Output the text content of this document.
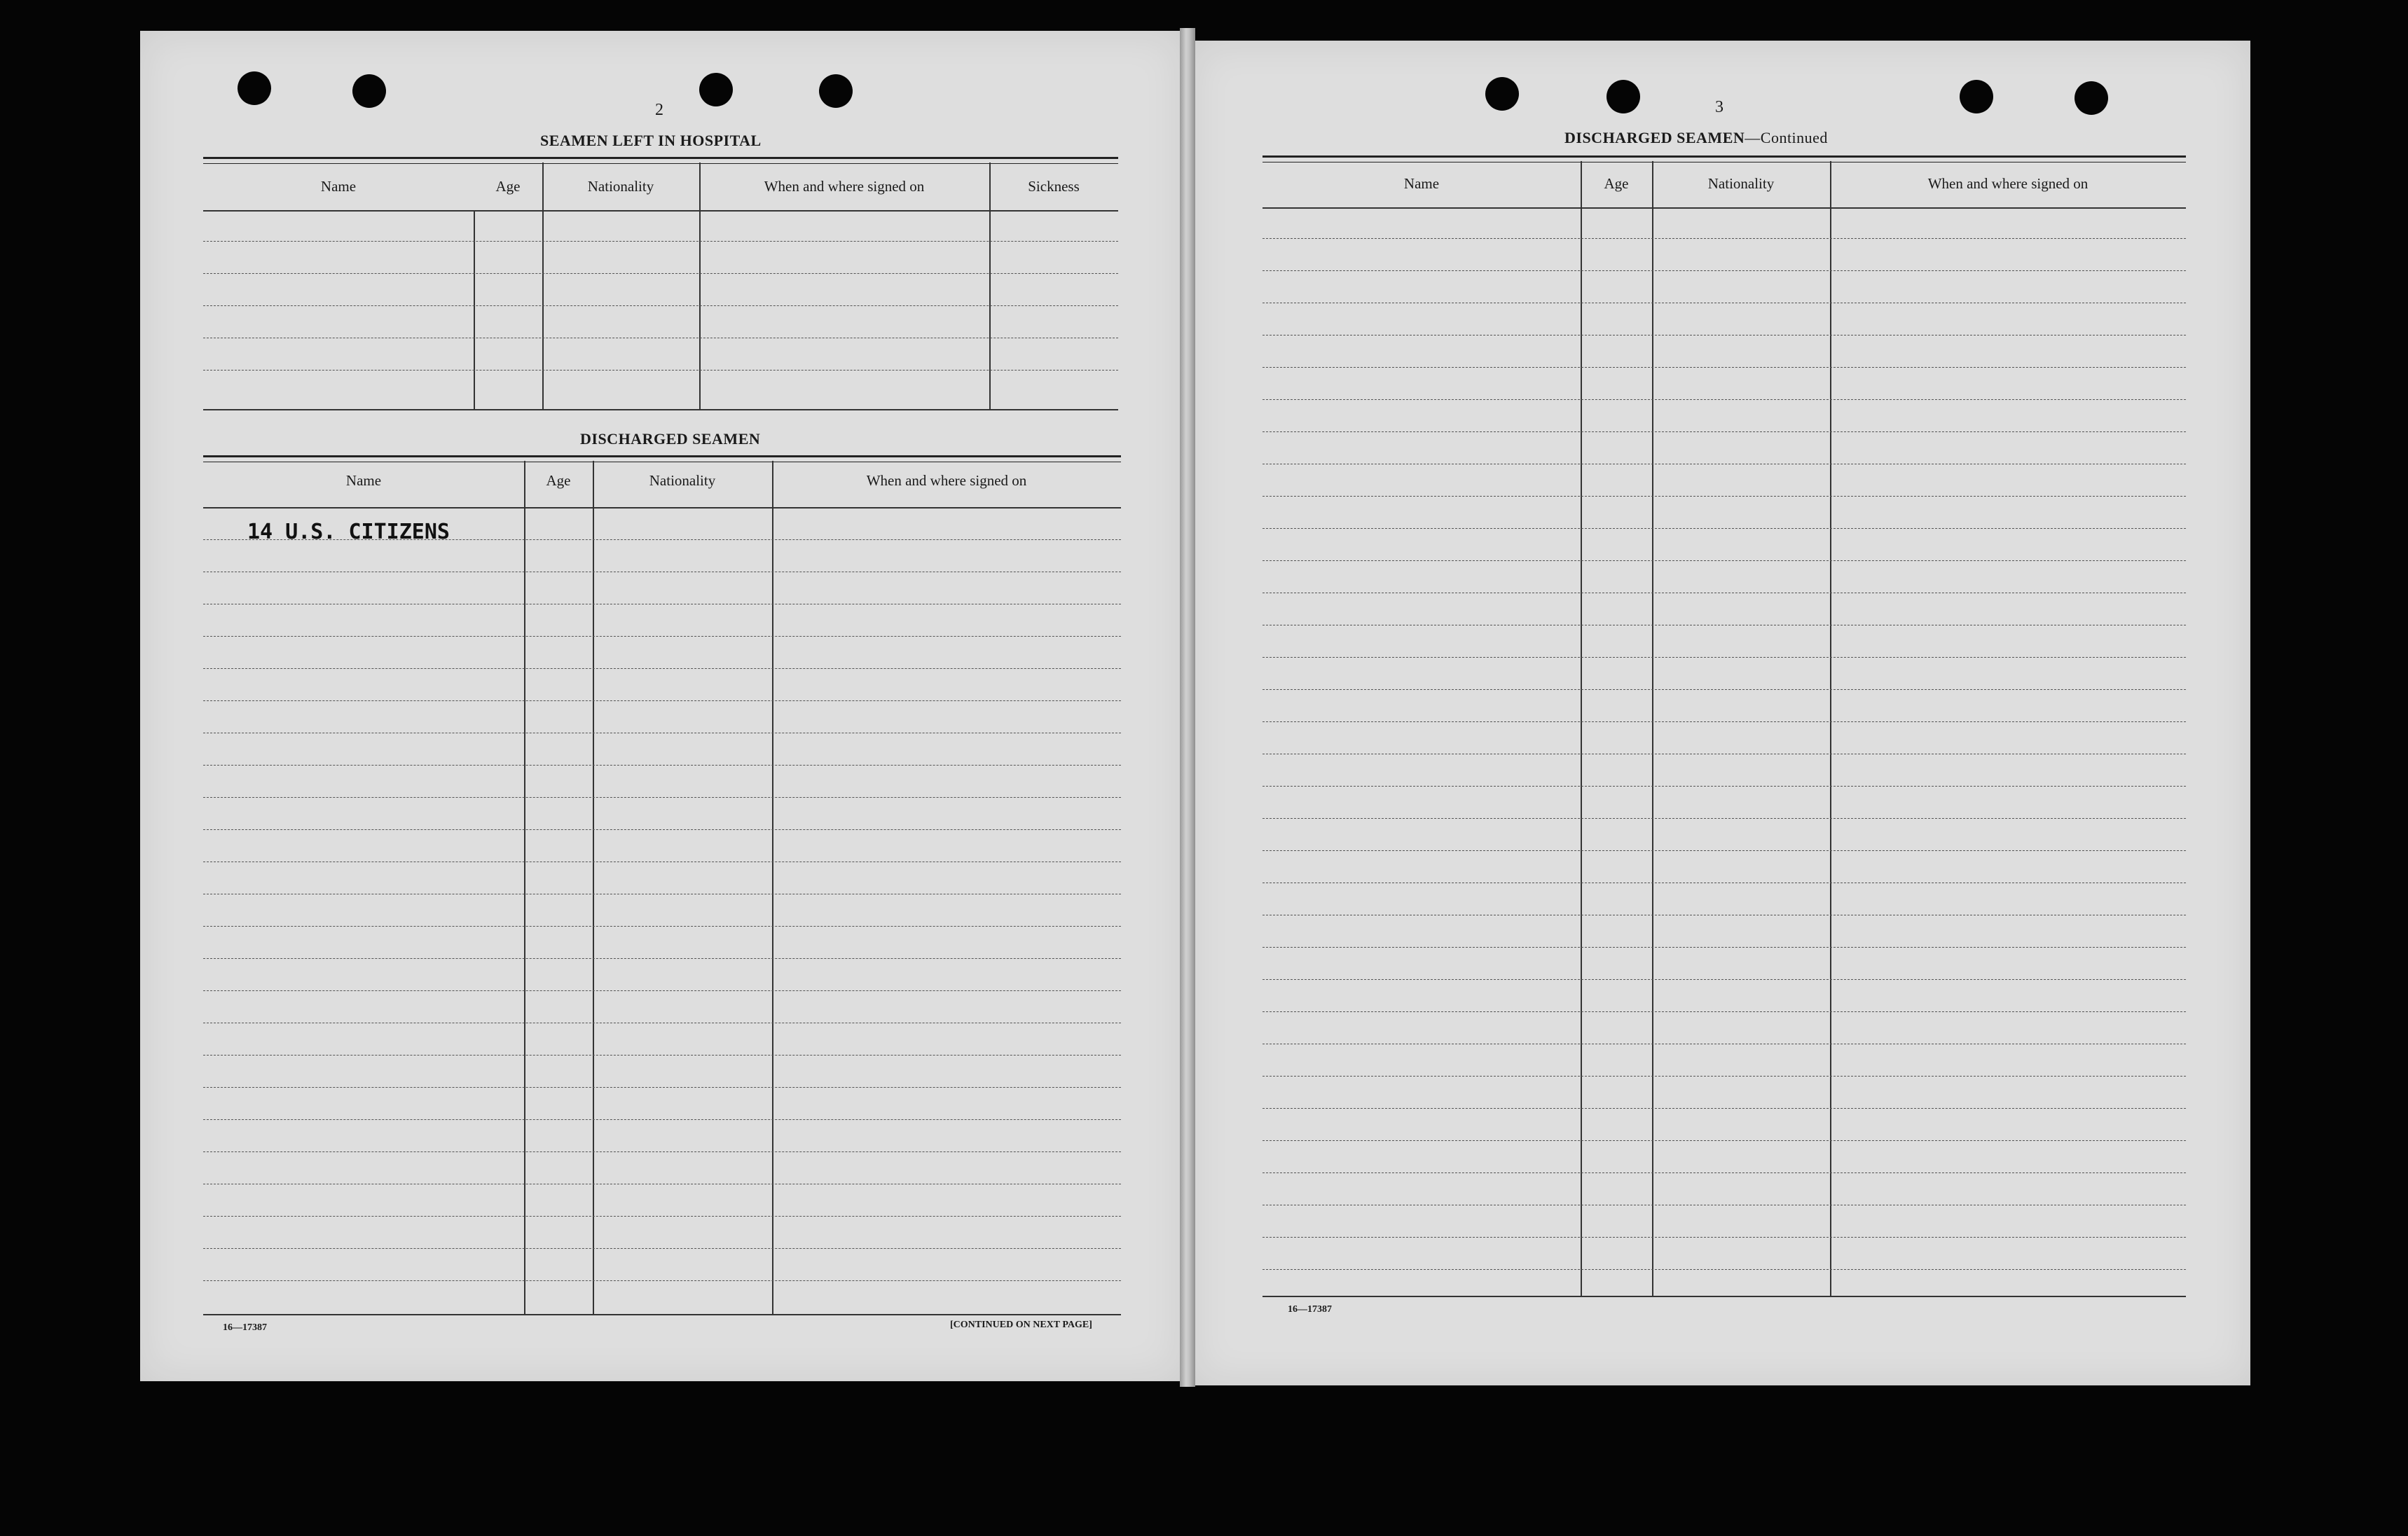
2
SEAMEN LEFT IN HOSPITAL
Name	Age	Nationality	When and where signed on	Sickness
DISCHARGED SEAMEN
Name	Age	Nationality	When and where signed on
14 U.S. CITIZENS
16—17387	[CONTINUED ON NEXT PAGE]
3
DISCHARGED SEAMEN—Continued
Name	Age	Nationality	When and where signed on
16—17387
